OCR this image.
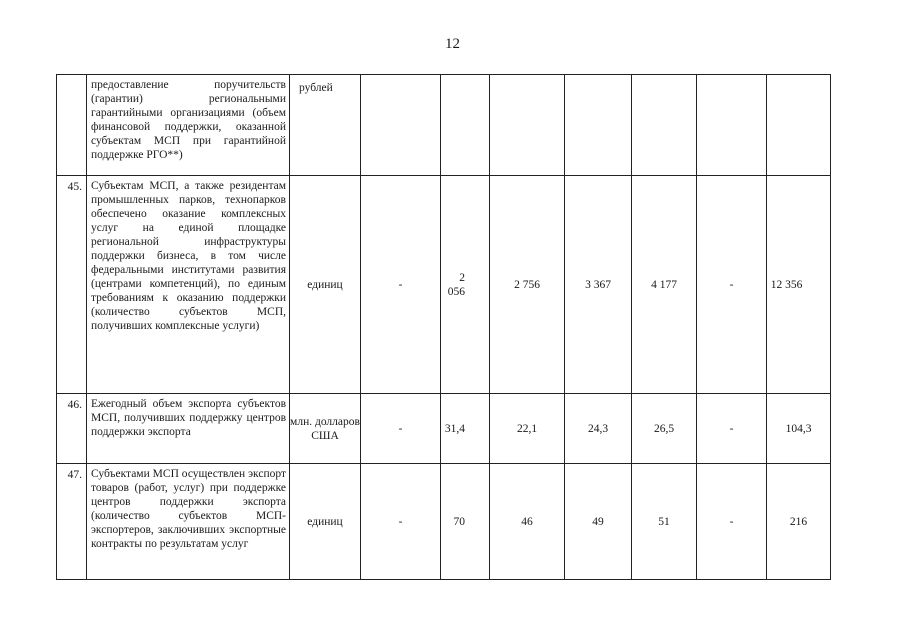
12
	предоставление поручительств (гарантии) региональными гарантийными организациями (объем финансовой поддержки, оказанной субъектам МСП при гарантийной поддержке РГО**)	рублей							
45.	Субъектам МСП, а также резидентам промышленных парков, технопарков обеспечено оказание комплексных услуг на единой площадке региональной инфраструктуры поддержки бизнеса, в том числе федеральными институтами развития (центрами компетенций), по единым требованиям к оказанию поддержки (количество субъектов МСП, получивших комплексные услуги)	единиц	-	2 056	2 756	3 367	4 177	-	12 356
46.	Ежегодный объем экспорта субъектов МСП, получивших поддержку центров поддержки экспорта	млн. долларов США	-	31,4	22,1	24,3	26,5	-	104,3
47.	Субъектами МСП осуществлен экспорт товаров (работ, услуг) при поддержке центров поддержки экспорта (количество субъектов МСП-экспортеров, заключивших экспортные контракты по результатам услуг	единиц	-	70	46	49	51	-	216
